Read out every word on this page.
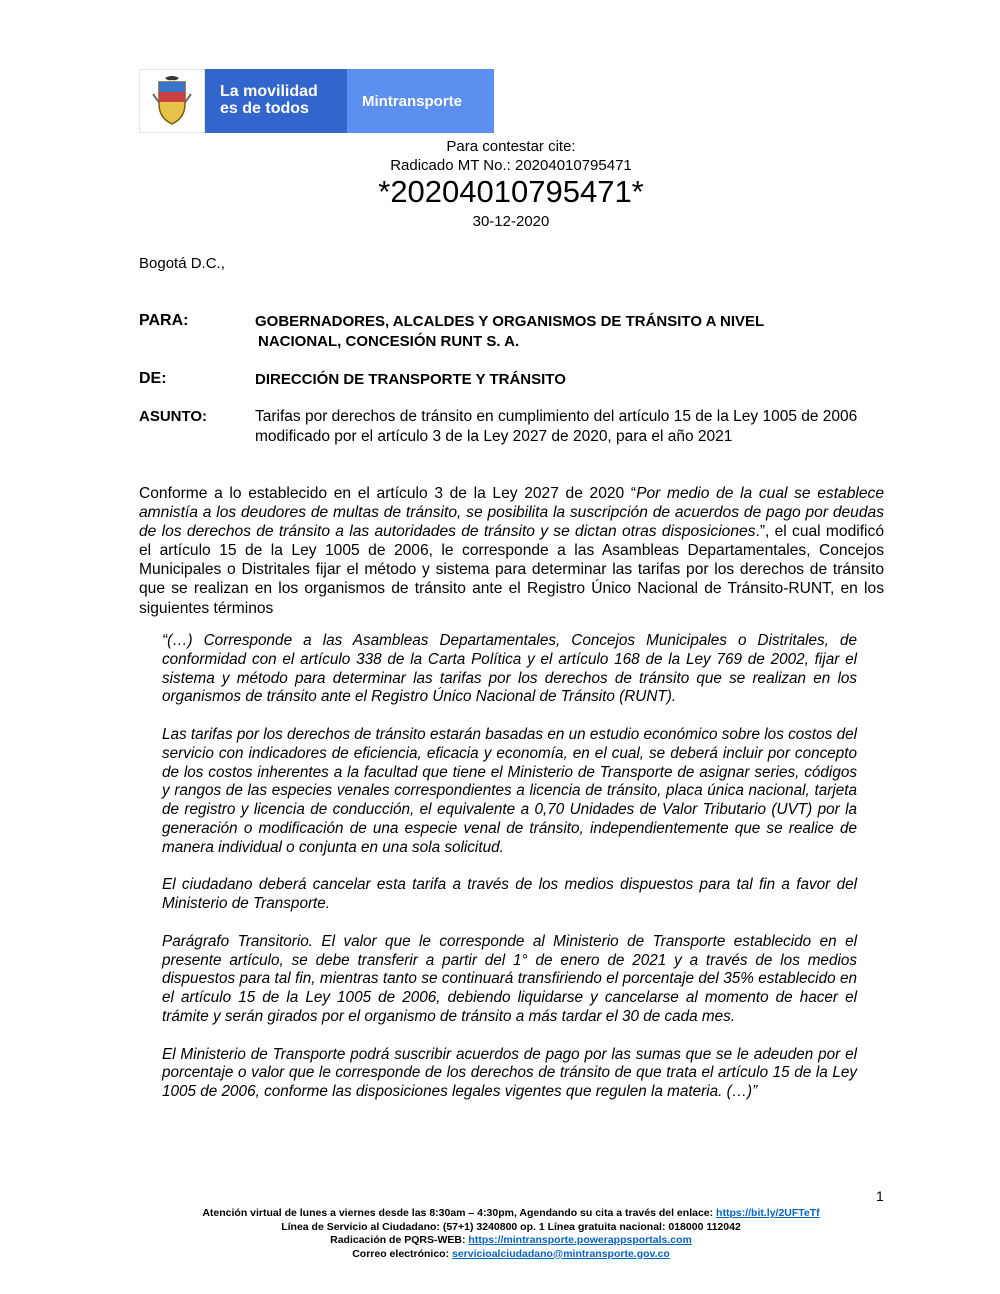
La movilidad
es de todos	Mintransporte
Para contestar cite:
Radicado MT No.: 20204010795471
*20204010795471*
30-12-2020
Bogotá D.C.,
PARA:	GOBERNADORES, ALCALDES Y ORGANISMOS DE TRÁNSITO A NIVEL
NACIONAL, CONCESIÓN RUNT S. A.
DE:	DIRECCIÓN DE TRANSPORTE Y TRÁNSITO
ASUNTO:	Tarifas por derechos de tránsito en cumplimiento del artículo 15 de la Ley 1005 de 2006 modificado por el artículo 3 de la Ley 2027 de 2020, para el año 2021
Conforme a lo establecido en el artículo 3 de la Ley 2027 de 2020 “Por medio de la cual se establece amnistía a los deudores de multas de tránsito, se posibilita la suscripción de acuerdos de pago por deudas de los derechos de tránsito a las autoridades de tránsito y se dictan otras disposiciones.”, el cual modificó el artículo 15 de la Ley 1005 de 2006, le corresponde a las Asambleas Departamentales, Concejos Municipales o Distritales fijar el método y sistema para determinar las tarifas por los derechos de tránsito que se realizan en los organismos de tránsito ante el Registro Único Nacional de Tránsito-RUNT, en los siguientes términos

“(…) Corresponde a las Asambleas Departamentales, Concejos Municipales o Distritales, de conformidad con el artículo 338 de la Carta Política y el artículo 168 de la Ley 769 de 2002, fijar el sistema y método para determinar las tarifas por los derechos de tránsito que se realizan en los organismos de tránsito ante el Registro Único Nacional de Tránsito (RUNT).

Las tarifas por los derechos de tránsito estarán basadas en un estudio económico sobre los costos del servicio con indicadores de eficiencia, eficacia y economía, en el cual, se deberá incluir por concepto de los costos inherentes a la facultad que tiene el Ministerio de Transporte de asignar series, códigos y rangos de las especies venales correspondientes a licencia de tránsito, placa única nacional, tarjeta de registro y licencia de conducción, el equivalente a 0,70 Unidades de Valor Tributario (UVT) por la generación o modificación de una especie venal de tránsito, independientemente que se realice de manera individual o conjunta en una sola solicitud.

El ciudadano deberá cancelar esta tarifa a través de los medios dispuestos para tal fin a favor del Ministerio de Transporte.

Parágrafo Transitorio. El valor que le corresponde al Ministerio de Transporte establecido en el presente artículo, se debe transferir a partir del 1° de enero de 2021 y a través de los medios dispuestos para tal fin, mientras tanto se continuará transfiriendo el porcentaje del 35% establecido en el artículo 15 de la Ley 1005 de 2006, debiendo liquidarse y cancelarse al momento de hacer el trámite y serán girados por el organismo de tránsito a más tardar el 30 de cada mes.

El Ministerio de Transporte podrá suscribir acuerdos de pago por las sumas que se le adeuden por el porcentaje o valor que le corresponde de los derechos de tránsito de que trata el artículo 15 de la Ley 1005 de 2006, conforme las disposiciones legales vigentes que regulen la materia. (…)”

1
Atención virtual de lunes a viernes desde las 8:30am – 4:30pm, Agendando su cita a través del enlace: https://bit.ly/2UFTeTf
Línea de Servicio al Ciudadano: (57+1) 3240800 op. 1 Línea gratuita nacional: 018000 112042
Radicación de PQRS-WEB: https://mintransporte.powerappsportals.com
Correo electrónico: servicioalciudadano@mintransporte.gov.co
